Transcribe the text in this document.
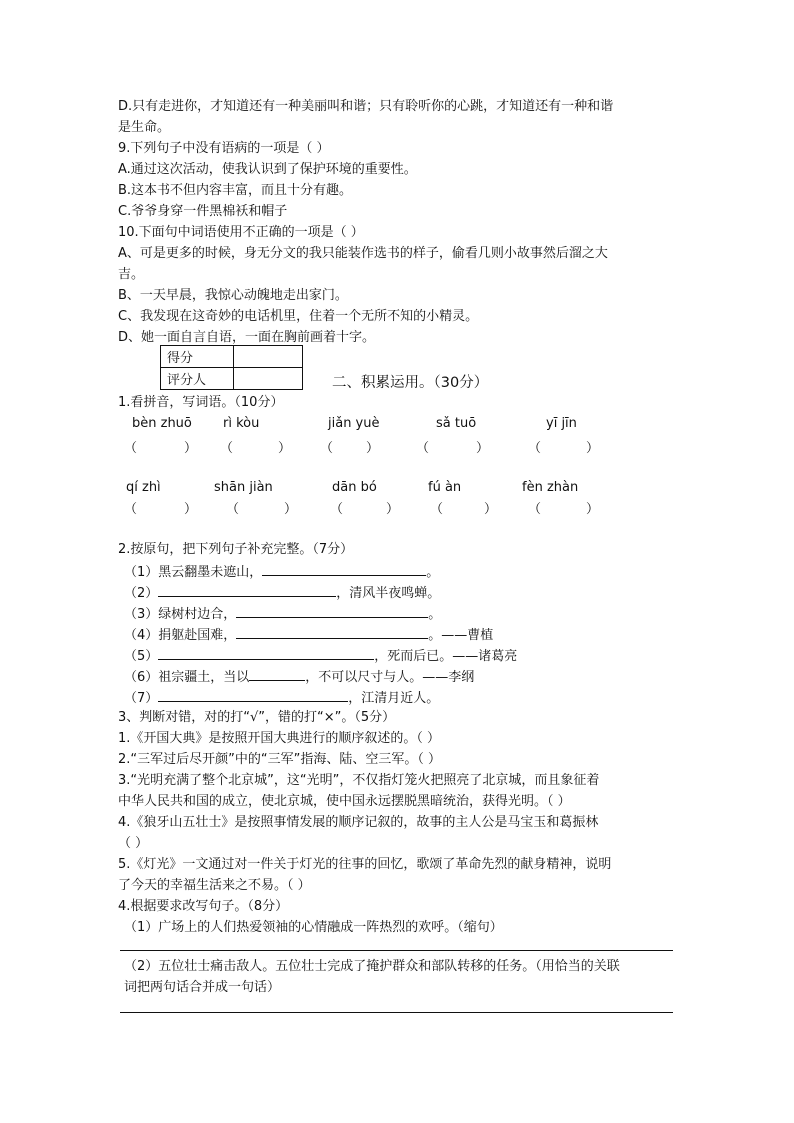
D.只有走进你，才知道还有一种美丽叫和谐；只有聆听你的心跳，才知道还有一种和谐
是生命。
9.下列句子中没有语病的一项是（ ）
A.通过这次活动，使我认识到了保护环境的重要性。
B.这本书不但内容丰富，而且十分有趣。
C.爷爷身穿一件黑棉袄和帽子
10.下面句中词语使用不正确的一项是（ ）
A、可是更多的时候，身无分文的我只能装作选书的样子，偷看几则小故事然后溜之大
吉。
B、一天早晨，我惊心动魄地走出家门。
C、我发现在这奇妙的电话机里，住着一个无所不知的小精灵。
D、她一面自言自语，一面在胸前画着十字。
得分	
评分人		二、积累运用。（30分）
1.看拼音，写词语。（10分）
bèn zhuō rì kòu	jiǎn yuè	sǎ tuō	yī jīn
（	） （	） （	）	（	）	（	）
qí zhì	shān jiàn	dān bó	fú àn	fèn zhàn
（	） （	）	（	） （	） （	）
2.按原句，把下列句子补充完整。（7分）
（1）黑云翻墨未遮山，	。
（2）	，清风半夜鸣蝉。
（3）绿树村边合，	。
（4）捐躯赴国难，	。——曹植
（5）	，死而后已。——诸葛亮
（6）祖宗疆土，当以	，不可以尺寸与人。——李纲
（7）	，江清月近人。
3、判断对错，对的打“√”，错的打“×”。（5分）
1.《开国大典》是按照开国大典进行的顺序叙述的。（ ）
2.“三军过后尽开颜”中的“三军”指海、陆、空三军。（ ）
3.“光明充满了整个北京城”，这“光明”，不仅指灯笼火把照亮了北京城，而且象征着
中华人民共和国的成立，使北京城，使中国永远摆脱黑暗统治，获得光明。（ ）
4.《狼牙山五壮士》是按照事情发展的顺序记叙的，故事的主人公是马宝玉和葛振林
（ ）
5.《灯光》一文通过对一件关于灯光的往事的回忆，歌颂了革命先烈的献身精神，说明
了今天的幸福生活来之不易。（ ）
4.根据要求改写句子。（8分）
（1）广场上的人们热爱领袖的心情融成一阵热烈的欢呼。（缩句）
（2）五位壮士痛击敌人。五位壮士完成了掩护群众和部队转移的任务。（用恰当的关联
词把两句话合并成一句话）
